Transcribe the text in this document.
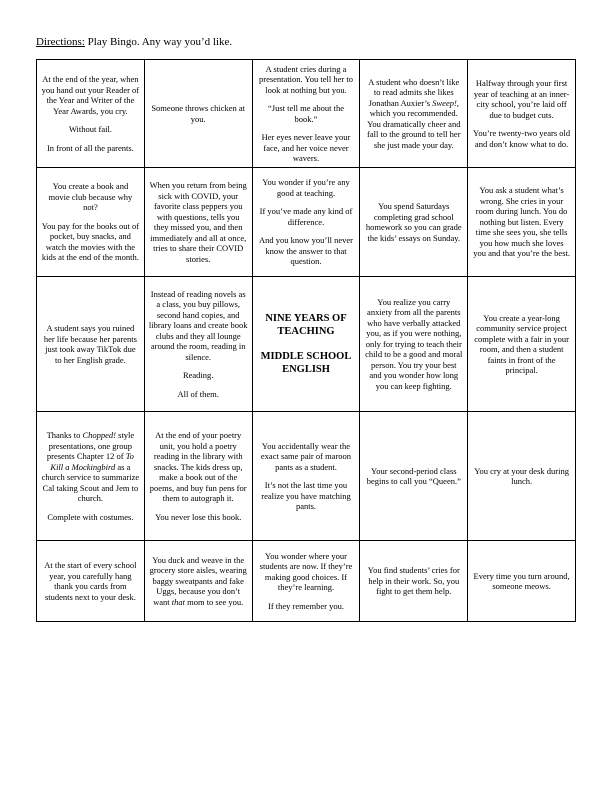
Directions: Play Bingo. Any way you’d like.

At the end of the year, when you hand out your Reader of the Year and Writer of the Year Awards, you cry.

Without fail.

In front of all the parents.

Someone throws chicken at you.

A student cries during a presentation. You tell her to look at nothing but you.

“Just tell me about the book.”

Her eyes never leave your face, and her voice never wavers.

A student who doesn’t like to read admits she likes Jonathan Auxier’s Sweep!, which you recommended. You dramatically cheer and fall to the ground to tell her she just made your day.

Halfway through your first year of teaching at an inner-city school, you’re laid off due to budget cuts.

You’re twenty-two years old and don’t know what to do.

You create a book and movie club because why not?

You pay for the books out of pocket, buy snacks, and watch the movies with the kids at the end of the month.

When you return from being sick with COVID, your favorite class peppers you with questions, tells you they missed you, and then immediately and all at once, tries to share their COVID stories.

You wonder if you’re any good at teaching.

If you’ve made any kind of difference.

And you know you’ll never know the answer to that question.

You spend Saturdays completing grad school homework so you can grade the kids’ essays on Sunday.

You ask a student what’s wrong. She cries in your room during lunch. You do nothing but listen. Every time she sees you, she tells you how much she loves you and that you’re the best.

A student says you ruined her life because her parents just took away TikTok due to her English grade.

Instead of reading novels as a class, you buy pillows, second hand copies, and library loans and create book clubs and they all lounge around the room, reading in silence.

Reading.

All of them.

NINE YEARS OF TEACHING

MIDDLE SCHOOL ENGLISH

You realize you carry anxiety from all the parents who have verbally attacked you, as if you were nothing, only for trying to teach their child to be a good and moral person. You try your best and you wonder how long you can keep fighting.

You create a year-long community service project complete with a fair in your room, and then a student faints in front of the principal.

Thanks to Chopped! style presentations, one group presents Chapter 12 of To Kill a Mockingbird as a church service to summarize Cal taking Scout and Jem to church.

Complete with costumes.

At the end of your poetry unit, you hold a poetry reading in the library with snacks. The kids dress up, make a book out of the poems, and buy fun pens for them to autograph it.

You never lose this book.

You accidentally wear the exact same pair of maroon pants as a student.

It’s not the last time you realize you have matching pants.

Your second-period class begins to call you “Queen.”

You cry at your desk during lunch.

At the start of every school year, you carefully hang thank you cards from students next to your desk.

You duck and weave in the grocery store aisles, wearing baggy sweatpants and fake Uggs, because you don’t want that mom to see you.

You wonder where your students are now. If they’re making good choices. If they’re learning.

If they remember you.

You find students’ cries for help in their work. So, you fight to get them help.

Every time you turn around, someone meows.
